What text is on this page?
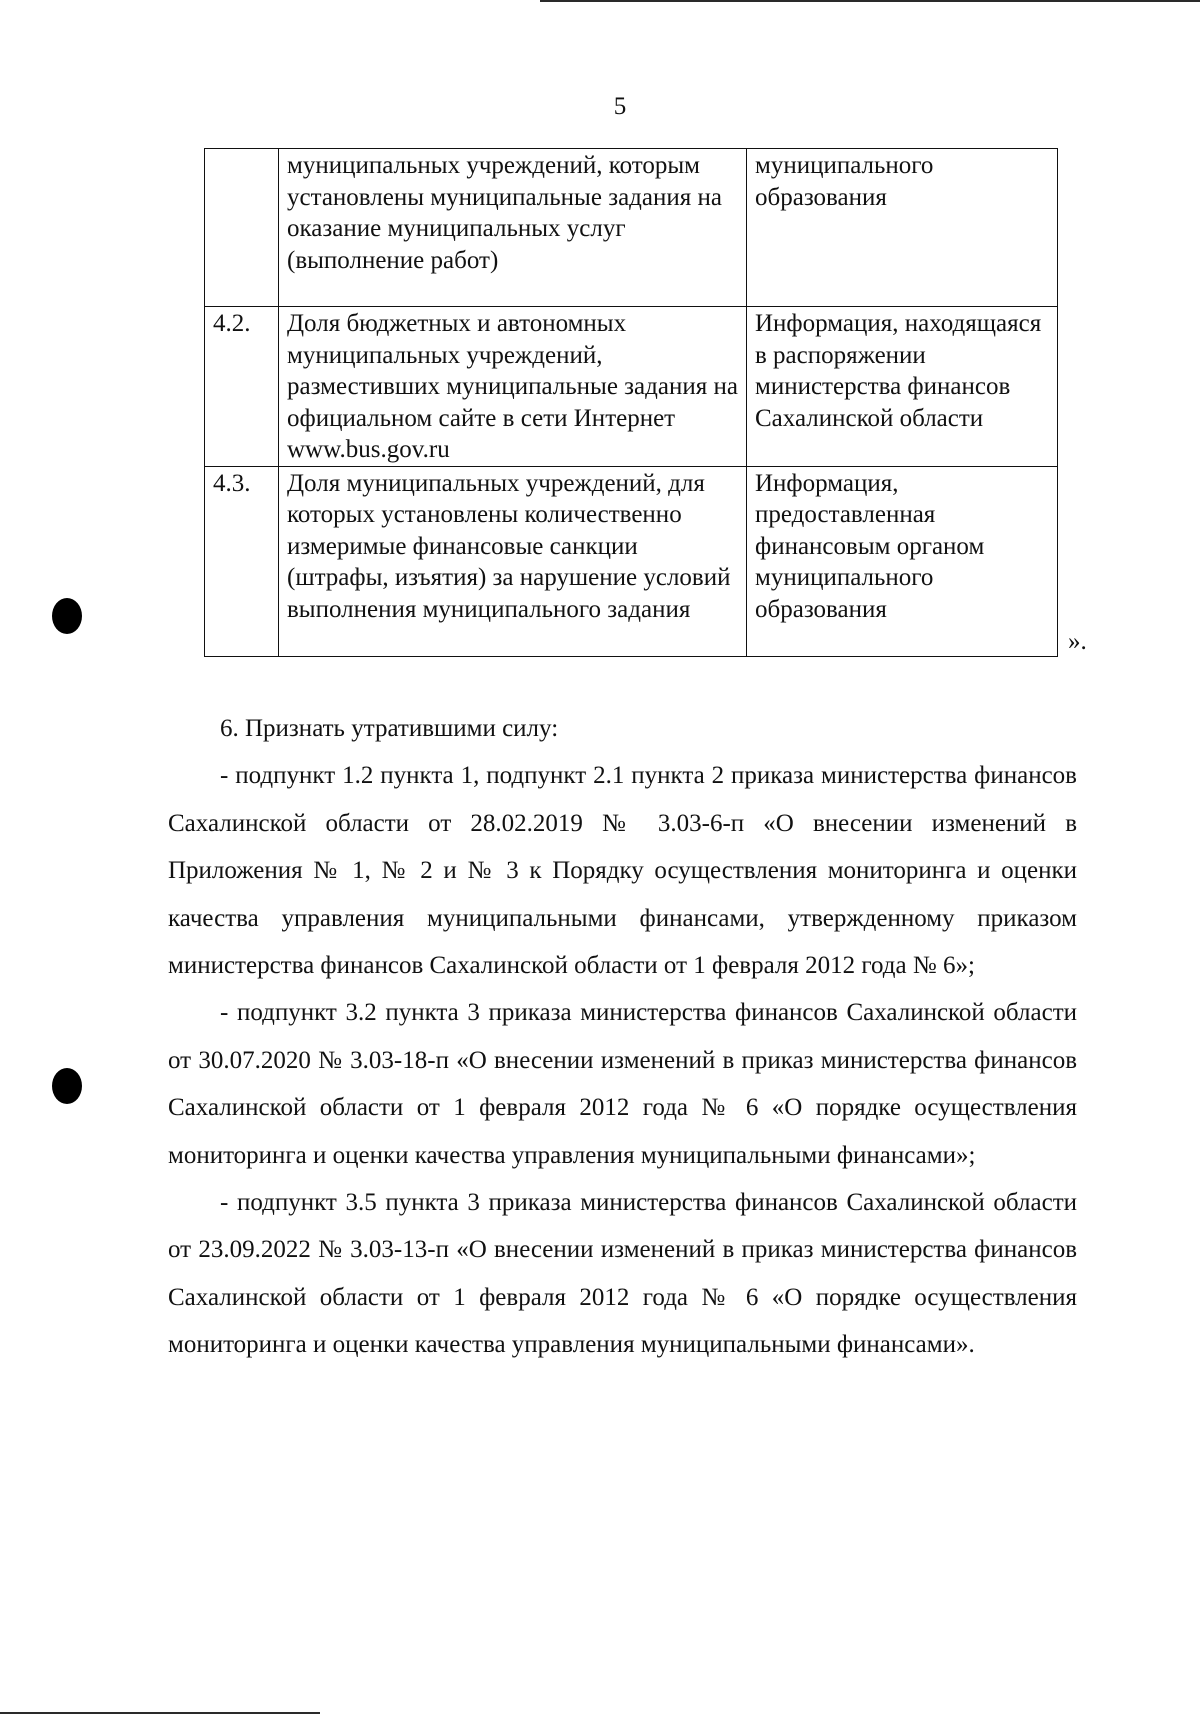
5
	муниципальных учреждений, которым установлены муниципальные задания на оказание муниципальных услуг (выполнение работ)	муниципального образования
4.2.	Доля бюджетных и автономных муниципальных учреждений, разместивших муниципальные задания на официальном сайте в сети Интернет www.bus.gov.ru	Информация, находящаяся в распоряжении министерства финансов Сахалинской области
4.3.	Доля муниципальных учреждений, для которых установлены количественно измеримые финансовые санкции (штрафы, изъятия) за нарушение условий выполнения муниципального задания	Информация, предоставленная финансовым органом муниципального образования
».

6. Признать утратившими силу:

- подпункт 1.2 пункта 1, подпункт 2.1 пункта 2 приказа министерства финансов Сахалинской области от 28.02.2019 № 3.03-6-п «О внесении изменений в Приложения № 1, № 2 и № 3 к Порядку осуществления мониторинга и оценки качества управления муниципальными финансами, утвержденному приказом министерства финансов Сахалинской области от 1 февраля 2012 года № 6»;

- подпункт 3.2 пункта 3 приказа министерства финансов Сахалинской области от 30.07.2020 № 3.03-18-п «О внесении изменений в приказ министерства финансов Сахалинской области от 1 февраля 2012 года № 6 «О порядке осуществления мониторинга и оценки качества управления муниципальными финансами»;

- подпункт 3.5 пункта 3 приказа министерства финансов Сахалинской области от 23.09.2022 № 3.03-13-п «О внесении изменений в приказ министерства финансов Сахалинской области от 1 февраля 2012 года № 6 «О порядке осуществления мониторинга и оценки качества управления муниципальными финансами».
